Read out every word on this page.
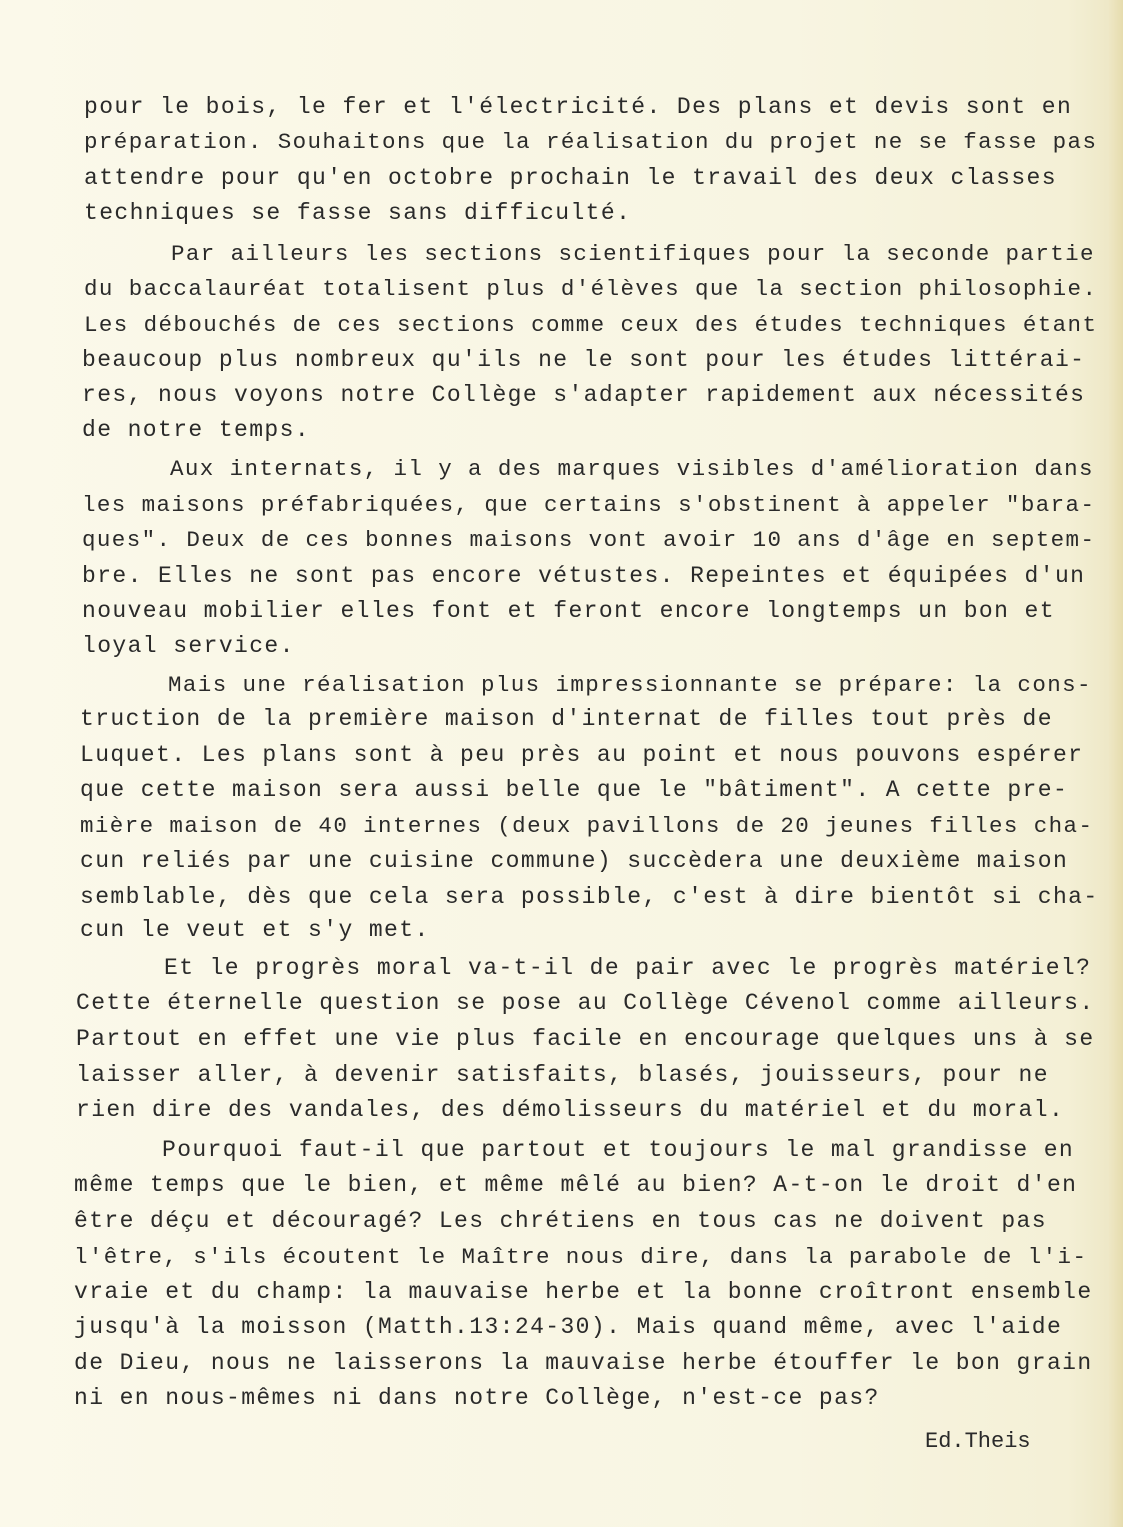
pour le bois, le fer et l'électricité. Des plans et devis sont en
préparation. Souhaitons que la réalisation du projet ne se fasse pas
attendre pour qu'en octobre prochain le travail des deux classes
techniques se fasse sans difficulté.
Par ailleurs les sections scientifiques pour la seconde partie
du baccalauréat totalisent plus d'élèves que la section philosophie.
Les débouchés de ces sections comme ceux des études techniques étant
beaucoup plus nombreux qu'ils ne le sont pour les études littérai-
res, nous voyons notre Collège s'adapter rapidement aux nécessités
de notre temps.
Aux internats, il y a des marques visibles d'amélioration dans
les maisons préfabriquées, que certains s'obstinent à appeler "bara-
ques". Deux de ces bonnes maisons vont avoir 10 ans d'âge en septem-
bre. Elles ne sont pas encore vétustes. Repeintes et équipées d'un
nouveau mobilier elles font et feront encore longtemps un bon et
loyal service.
Mais une réalisation plus impressionnante se prépare: la cons-
truction de la première maison d'internat de filles tout près de
Luquet. Les plans sont à peu près au point et nous pouvons espérer
que cette maison sera aussi belle que le "bâtiment". A cette pre-
mière maison de 40 internes (deux pavillons de 20 jeunes filles cha-
cun reliés par une cuisine commune) succèdera une deuxième maison
semblable, dès que cela sera possible, c'est à dire bientôt si cha-
cun le veut et s'y met.
Et le progrès moral va-t-il de pair avec le progrès matériel?
Cette éternelle question se pose au Collège Cévenol comme ailleurs.
Partout en effet une vie plus facile en encourage quelques uns à se
laisser aller, à devenir satisfaits, blasés, jouisseurs, pour ne
rien dire des vandales, des démolisseurs du matériel et du moral.
Pourquoi faut-il que partout et toujours le mal grandisse en
même temps que le bien, et même mêlé au bien? A-t-on le droit d'en
être déçu et découragé? Les chrétiens en tous cas ne doivent pas
l'être, s'ils écoutent le Maître nous dire, dans la parabole de l'i-
vraie et du champ: la mauvaise herbe et la bonne croîtront ensemble
jusqu'à la moisson (Matth.13:24-30). Mais quand même, avec l'aide
de Dieu, nous ne laisserons la mauvaise herbe étouffer le bon grain
ni en nous-mêmes ni dans notre Collège, n'est-ce pas?
Ed.Theis
